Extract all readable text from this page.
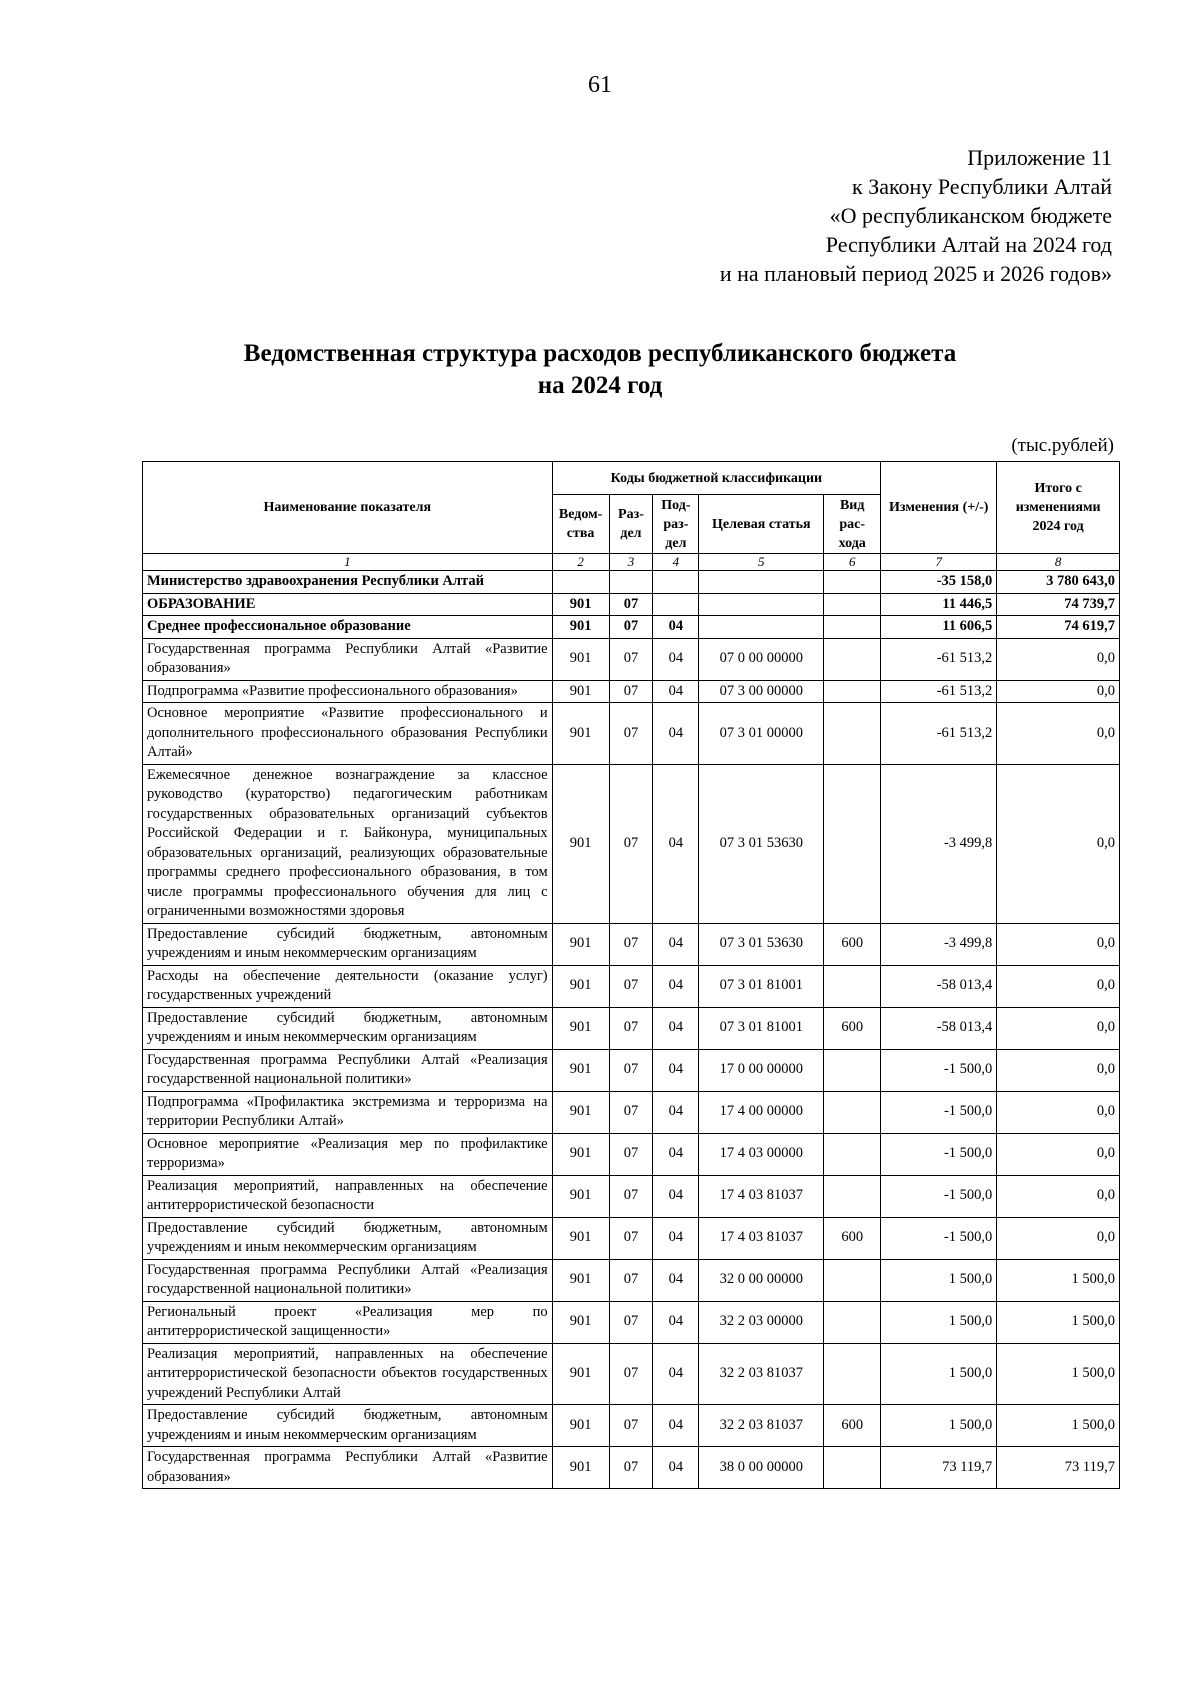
61
Приложение 11
к Закону Республики Алтай
«О республиканском бюджете
Республики Алтай на 2024 год
и на плановый период 2025 и 2026 годов»
Ведомственная структура расходов республиканского бюджета
на 2024 год
(тыс.рублей)
Наименование показателя	Коды бюджетной классификации					Изменения (+/-)	Итого с изменениями 2024 год
	Ведом-ства	Раз-дел	Под-раз-дел	Целевая статья	Вид рас-хода		
1	2	3	4	5	6	7	8
Министерство здравоохранения Республики Алтай						-35 158,0	3 780 643,0
ОБРАЗОВАНИЕ	901	07				11 446,5	74 739,7
Среднее профессиональное образование	901	07	04			11 606,5	74 619,7
Государственная программа Республики Алтай «Развитие образования»	901	07	04	07 0 00 00000		-61 513,2	0,0
Подпрограмма «Развитие профессионального образования»	901	07	04	07 3 00 00000		-61 513,2	0,0
Основное мероприятие «Развитие профессионального и дополнительного профессионального образования Республики Алтай»	901	07	04	07 3 01 00000		-61 513,2	0,0
Ежемесячное денежное вознаграждение за классное руководство (кураторство) педагогическим работникам государственных образовательных организаций субъектов Российской Федерации и г. Байконура, муниципальных образовательных организаций, реализующих образовательные программы среднего профессионального образования, в том числе программы профессионального обучения для лиц с ограниченными возможностями здоровья	901	07	04	07 3 01 53630		-3 499,8	0,0
Предоставление субсидий бюджетным, автономным учреждениям и иным некоммерческим организациям	901	07	04	07 3 01 53630	600	-3 499,8	0,0
Расходы на обеспечение деятельности (оказание услуг) государственных учреждений	901	07	04	07 3 01 81001		-58 013,4	0,0
Предоставление субсидий бюджетным, автономным учреждениям и иным некоммерческим организациям	901	07	04	07 3 01 81001	600	-58 013,4	0,0
Государственная программа Республики Алтай «Реализация государственной национальной политики»	901	07	04	17 0 00 00000		-1 500,0	0,0
Подпрограмма «Профилактика экстремизма и терроризма на территории Республики Алтай»	901	07	04	17 4 00 00000		-1 500,0	0,0
Основное мероприятие «Реализация мер по профилактике терроризма»	901	07	04	17 4 03 00000		-1 500,0	0,0
Реализация мероприятий, направленных на обеспечение антитеррористической безопасности	901	07	04	17 4 03 81037		-1 500,0	0,0
Предоставление субсидий бюджетным, автономным учреждениям и иным некоммерческим организациям	901	07	04	17 4 03 81037	600	-1 500,0	0,0
Государственная программа Республики Алтай «Реализация государственной национальной политики»	901	07	04	32 0 00 00000		1 500,0	1 500,0
Региональный проект «Реализация мер по антитеррористической защищенности»	901	07	04	32 2 03 00000		1 500,0	1 500,0
Реализация мероприятий, направленных на обеспечение антитеррористической безопасности объектов государственных учреждений Республики Алтай	901	07	04	32 2 03 81037		1 500,0	1 500,0
Предоставление субсидий бюджетным, автономным учреждениям и иным некоммерческим организациям	901	07	04	32 2 03 81037	600	1 500,0	1 500,0
Государственная программа Республики Алтай «Развитие образования»	901	07	04	38 0 00 00000		73 119,7	73 119,7
